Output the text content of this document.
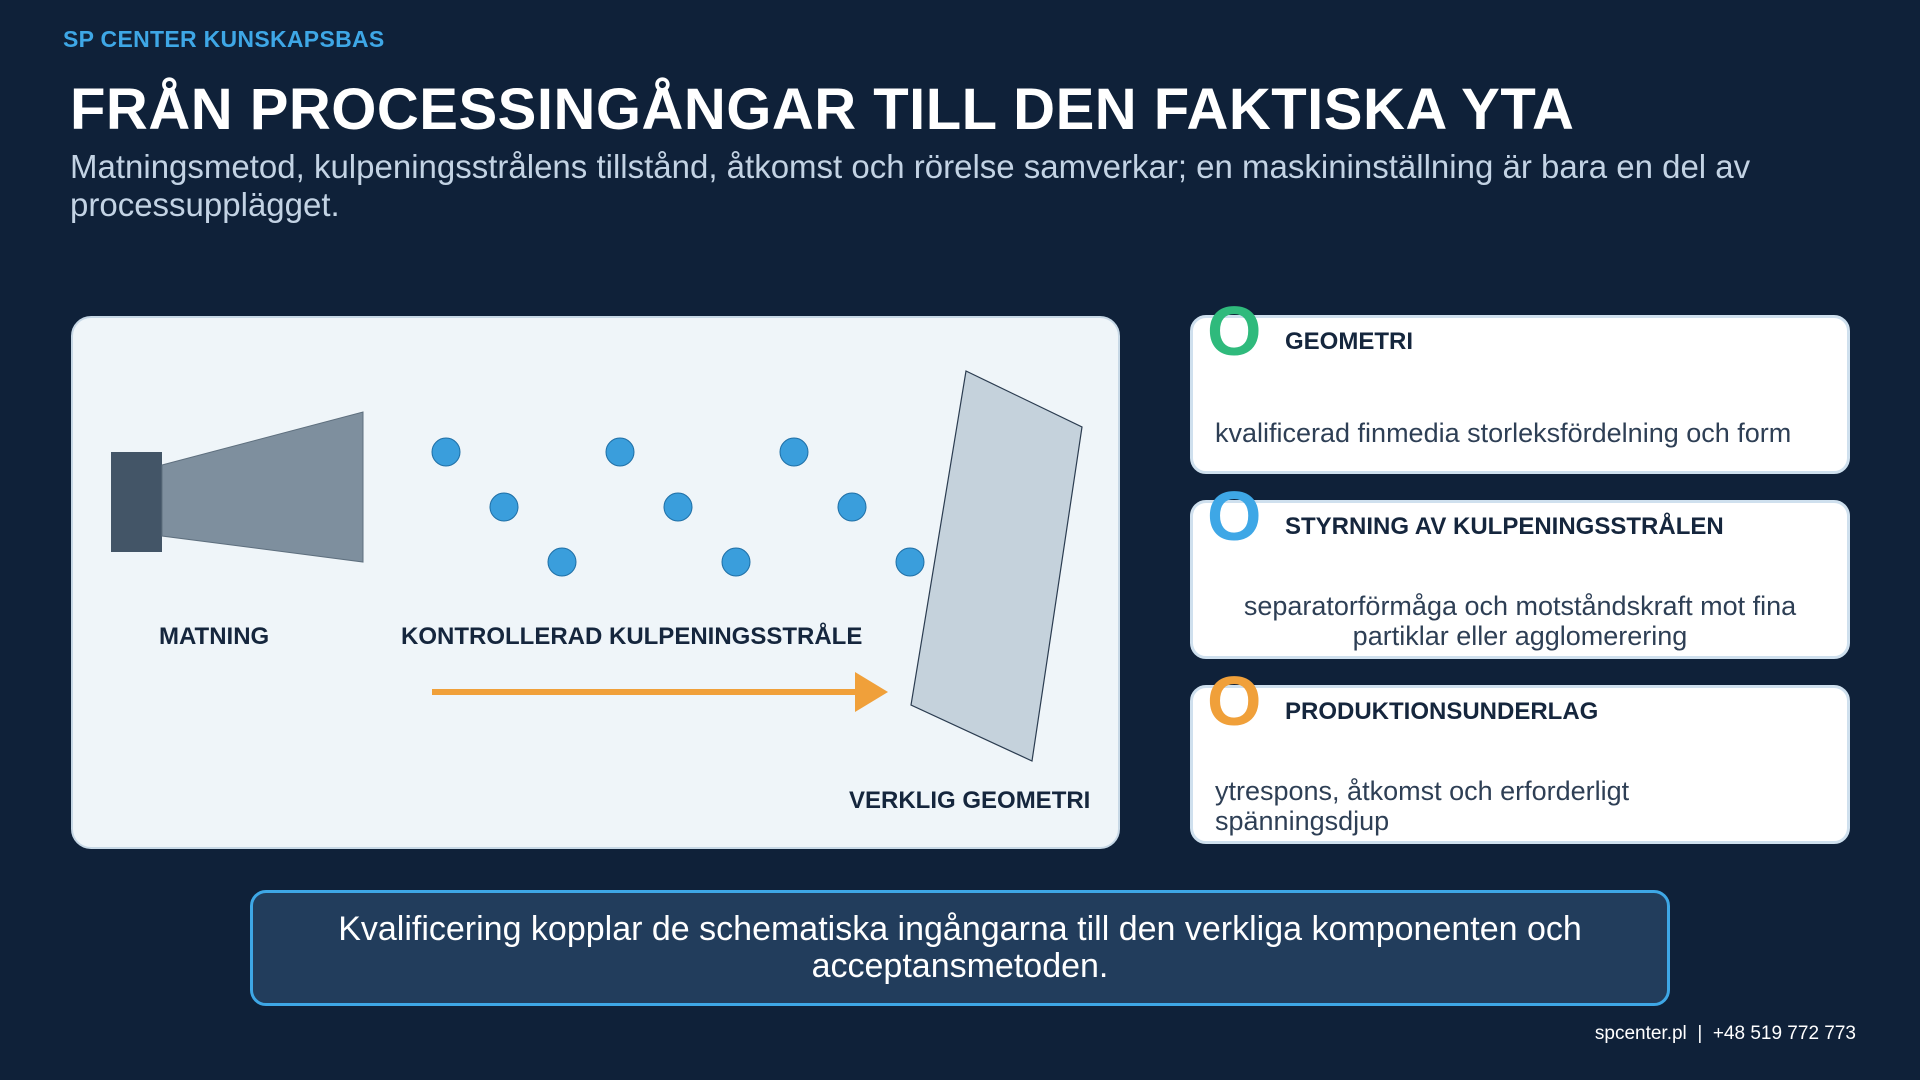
SP CENTER KUNSKAPSBAS
FRÅN PROCESSINGÅNGAR TILL DEN FAKTISKA YTA
Matningsmetod, kulpeningsstrålens tillstånd, åtkomst och rörelse samverkar; en maskininställning är bara en del av processupplägget.
MATNING	KONTROLLERAD KULPENINGSSTRÅLE
VERKLIG GEOMETRI
O GEOMETRI
kvalificerad finmedia storleksfördelning och form
O STYRNING AV KULPENINGSSTRÅLEN
separatorförmåga och motståndskraft mot fina partiklar eller agglomerering
O PRODUKTIONSUNDERLAG
ytrespons, åtkomst och erforderligt spänningsdjup
Kvalificering kopplar de schematiska ingångarna till den verkliga komponenten och acceptansmetoden.
spcenter.pl  |  +48 519 772 773
